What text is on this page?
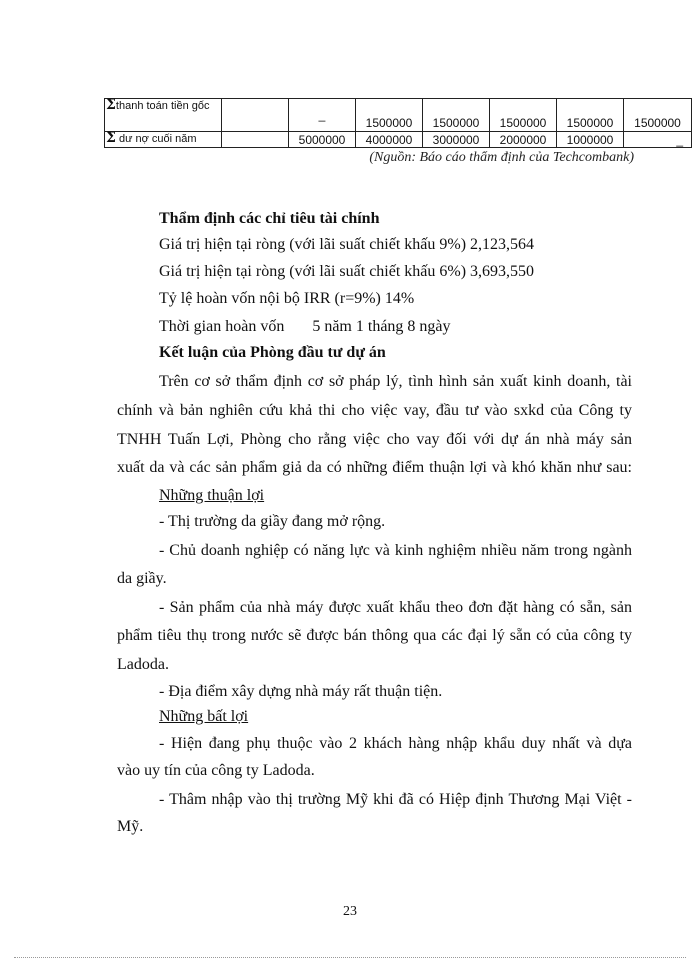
Σthanh toán tiền gốc		_	1500000	1500000	1500000	1500000	1500000
Σ dư nợ cuối năm		5000000	4000000	3000000	2000000	1000000	_
(Nguồn: Báo cáo thẩm định của Techcombank)
Thẩm định các chỉ tiêu tài chính
Giá trị hiện tại ròng (với lãi suất chiết khấu 9%) 2,123,564
Giá trị hiện tại ròng (với lãi suất chiết khấu 6%) 3,693,550
Tỷ lệ hoàn vốn nội bộ IRR (r=9%) 14%
Thời gian hoàn vốn       5 năm 1 tháng 8 ngày
Kết luận của Phòng đầu tư dự án
Trên cơ sở thẩm định cơ sở pháp lý, tình hình sản xuất kinh doanh, tài
chính và bản nghiên cứu khả thi cho việc vay, đầu tư vào sxkd của Công ty
TNHH Tuấn Lợi, Phòng cho rằng việc cho vay đối với dự án nhà máy sản
xuất da và các sản phẩm giả da có những điểm thuận lợi và khó khăn như sau:
Những thuận lợi
- Thị trường da giầy đang mở rộng.
- Chủ doanh nghiệp có năng lực và kinh nghiệm nhiều năm trong ngành
da giầy.
- Sản phẩm của nhà máy được xuất khẩu theo đơn đặt hàng có sẵn, sản
phẩm tiêu thụ trong nước sẽ được bán thông qua các đại lý sẵn có của công ty
Ladoda.
- Địa điểm xây dựng nhà máy rất thuận tiện.
Những bất lợi
- Hiện đang phụ thuộc vào 2 khách hàng nhập khẩu duy nhất và dựa
vào uy tín của công ty Ladoda.
- Thâm nhập vào thị trường Mỹ khi đã có Hiệp định Thương Mại Việt -
Mỹ.
23
